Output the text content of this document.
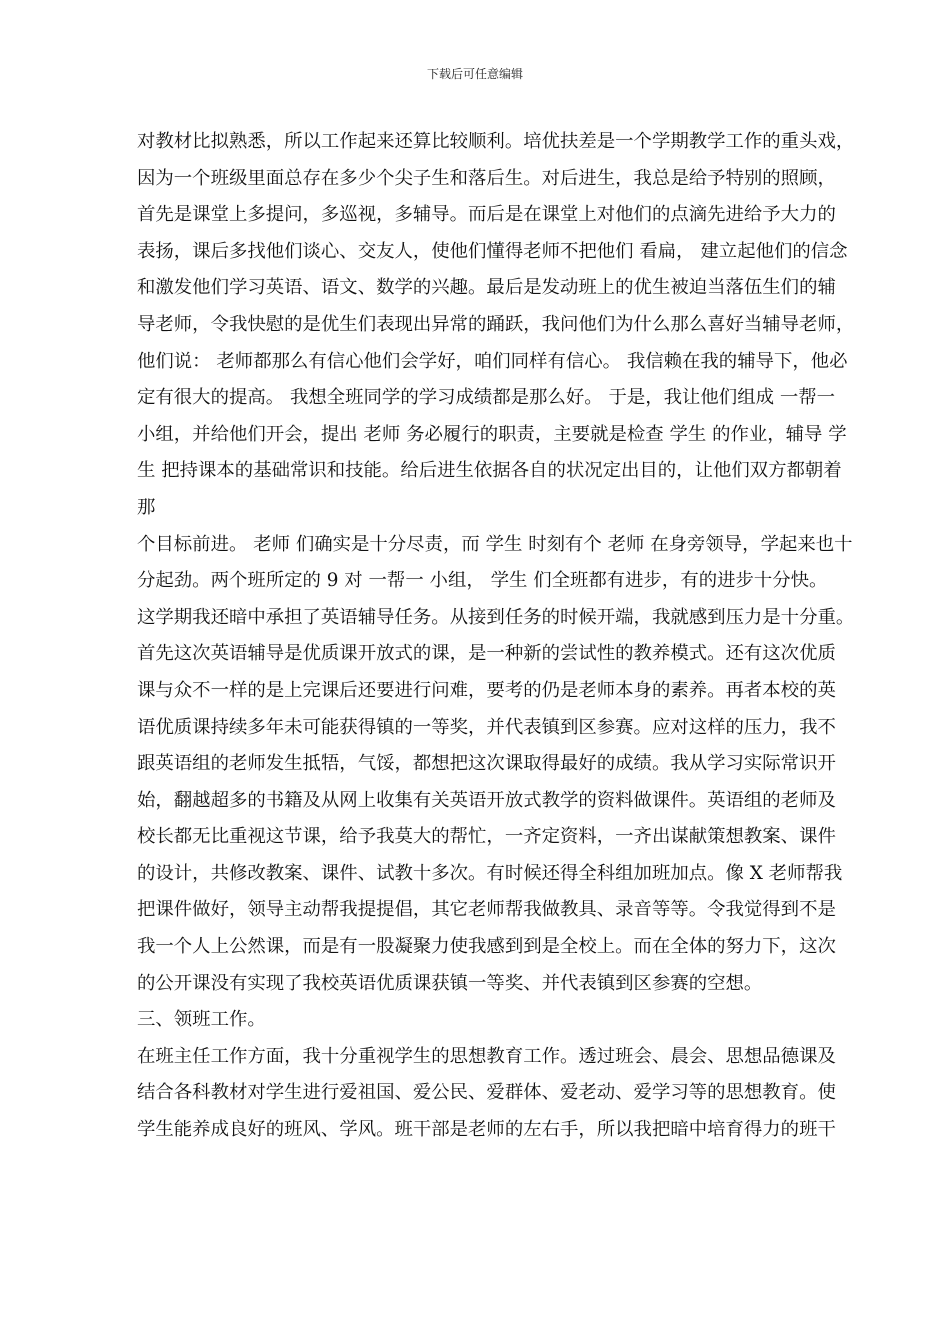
下载后可任意编辑
对教材比拟熟悉，所以工作起来还算比较顺利。培优扶差是一个学期教学工作的重头戏，
因为一个班级里面总存在多少个尖子生和落后生。对后进生，我总是给予特别的照顾，
首先是课堂上多提问，多巡视，多辅导。而后是在课堂上对他们的点滴先进给予大力的
表扬，课后多找他们谈心、交友人，使他们懂得老师不把他们 看扁， 建立起他们的信念
和激发他们学习英语、语文、数学的兴趣。最后是发动班上的优生被迫当落伍生们的辅
导老师，令我快慰的是优生们表现出异常的踊跃，我问他们为什么那么喜好当辅导老师，
他们说： 老师都那么有信心他们会学好，咱们同样有信心。 我信赖在我的辅导下，他必
定有很大的提高。 我想全班同学的学习成绩都是那么好。 于是，我让他们组成 一帮一
小组，并给他们开会，提出 老师 务必履行的职责，主要就是检查 学生 的作业，辅导 学
生 把持课本的基础常识和技能。给后进生依据各自的状况定出目的，让他们双方都朝着
那
个目标前进。 老师 们确实是十分尽责，而 学生 时刻有个 老师 在身旁领导，学起来也十
分起劲。两个班所定的 9 对 一帮一 小组， 学生 们全班都有进步，有的进步十分快。
这学期我还暗中承担了英语辅导任务。从接到任务的时候开端，我就感到压力是十分重。
首先这次英语辅导是优质课开放式的课，是一种新的尝试性的教养模式。还有这次优质
课与众不一样的是上完课后还要进行问难，要考的仍是老师本身的素养。再者本校的英
语优质课持续多年未可能获得镇的一等奖，并代表镇到区参赛。应对这样的压力，我不
跟英语组的老师发生抵牾，气馁，都想把这次课取得最好的成绩。我从学习实际常识开
始，翻越超多的书籍及从网上收集有关英语开放式教学的资料做课件。英语组的老师及
校长都无比重视这节课，给予我莫大的帮忙，一齐定资料，一齐出谋献策想教案、课件
的设计，共修改教案、课件、试教十多次。有时候还得全科组加班加点。像 X 老师帮我
把课件做好，领导主动帮我提提倡，其它老师帮我做教具、录音等等。令我觉得到不是
我一个人上公然课，而是有一股凝聚力使我感到到是全校上。而在全体的努力下，这次
的公开课没有实现了我校英语优质课获镇一等奖、并代表镇到区参赛的空想。
三、领班工作。
在班主任工作方面，我十分重视学生的思想教育工作。透过班会、晨会、思想品德课及
结合各科教材对学生进行爱祖国、爱公民、爱群体、爱老动、爱学习等的思想教育。使
学生能养成良好的班风、学风。班干部是老师的左右手，所以我把暗中培育得力的班干
